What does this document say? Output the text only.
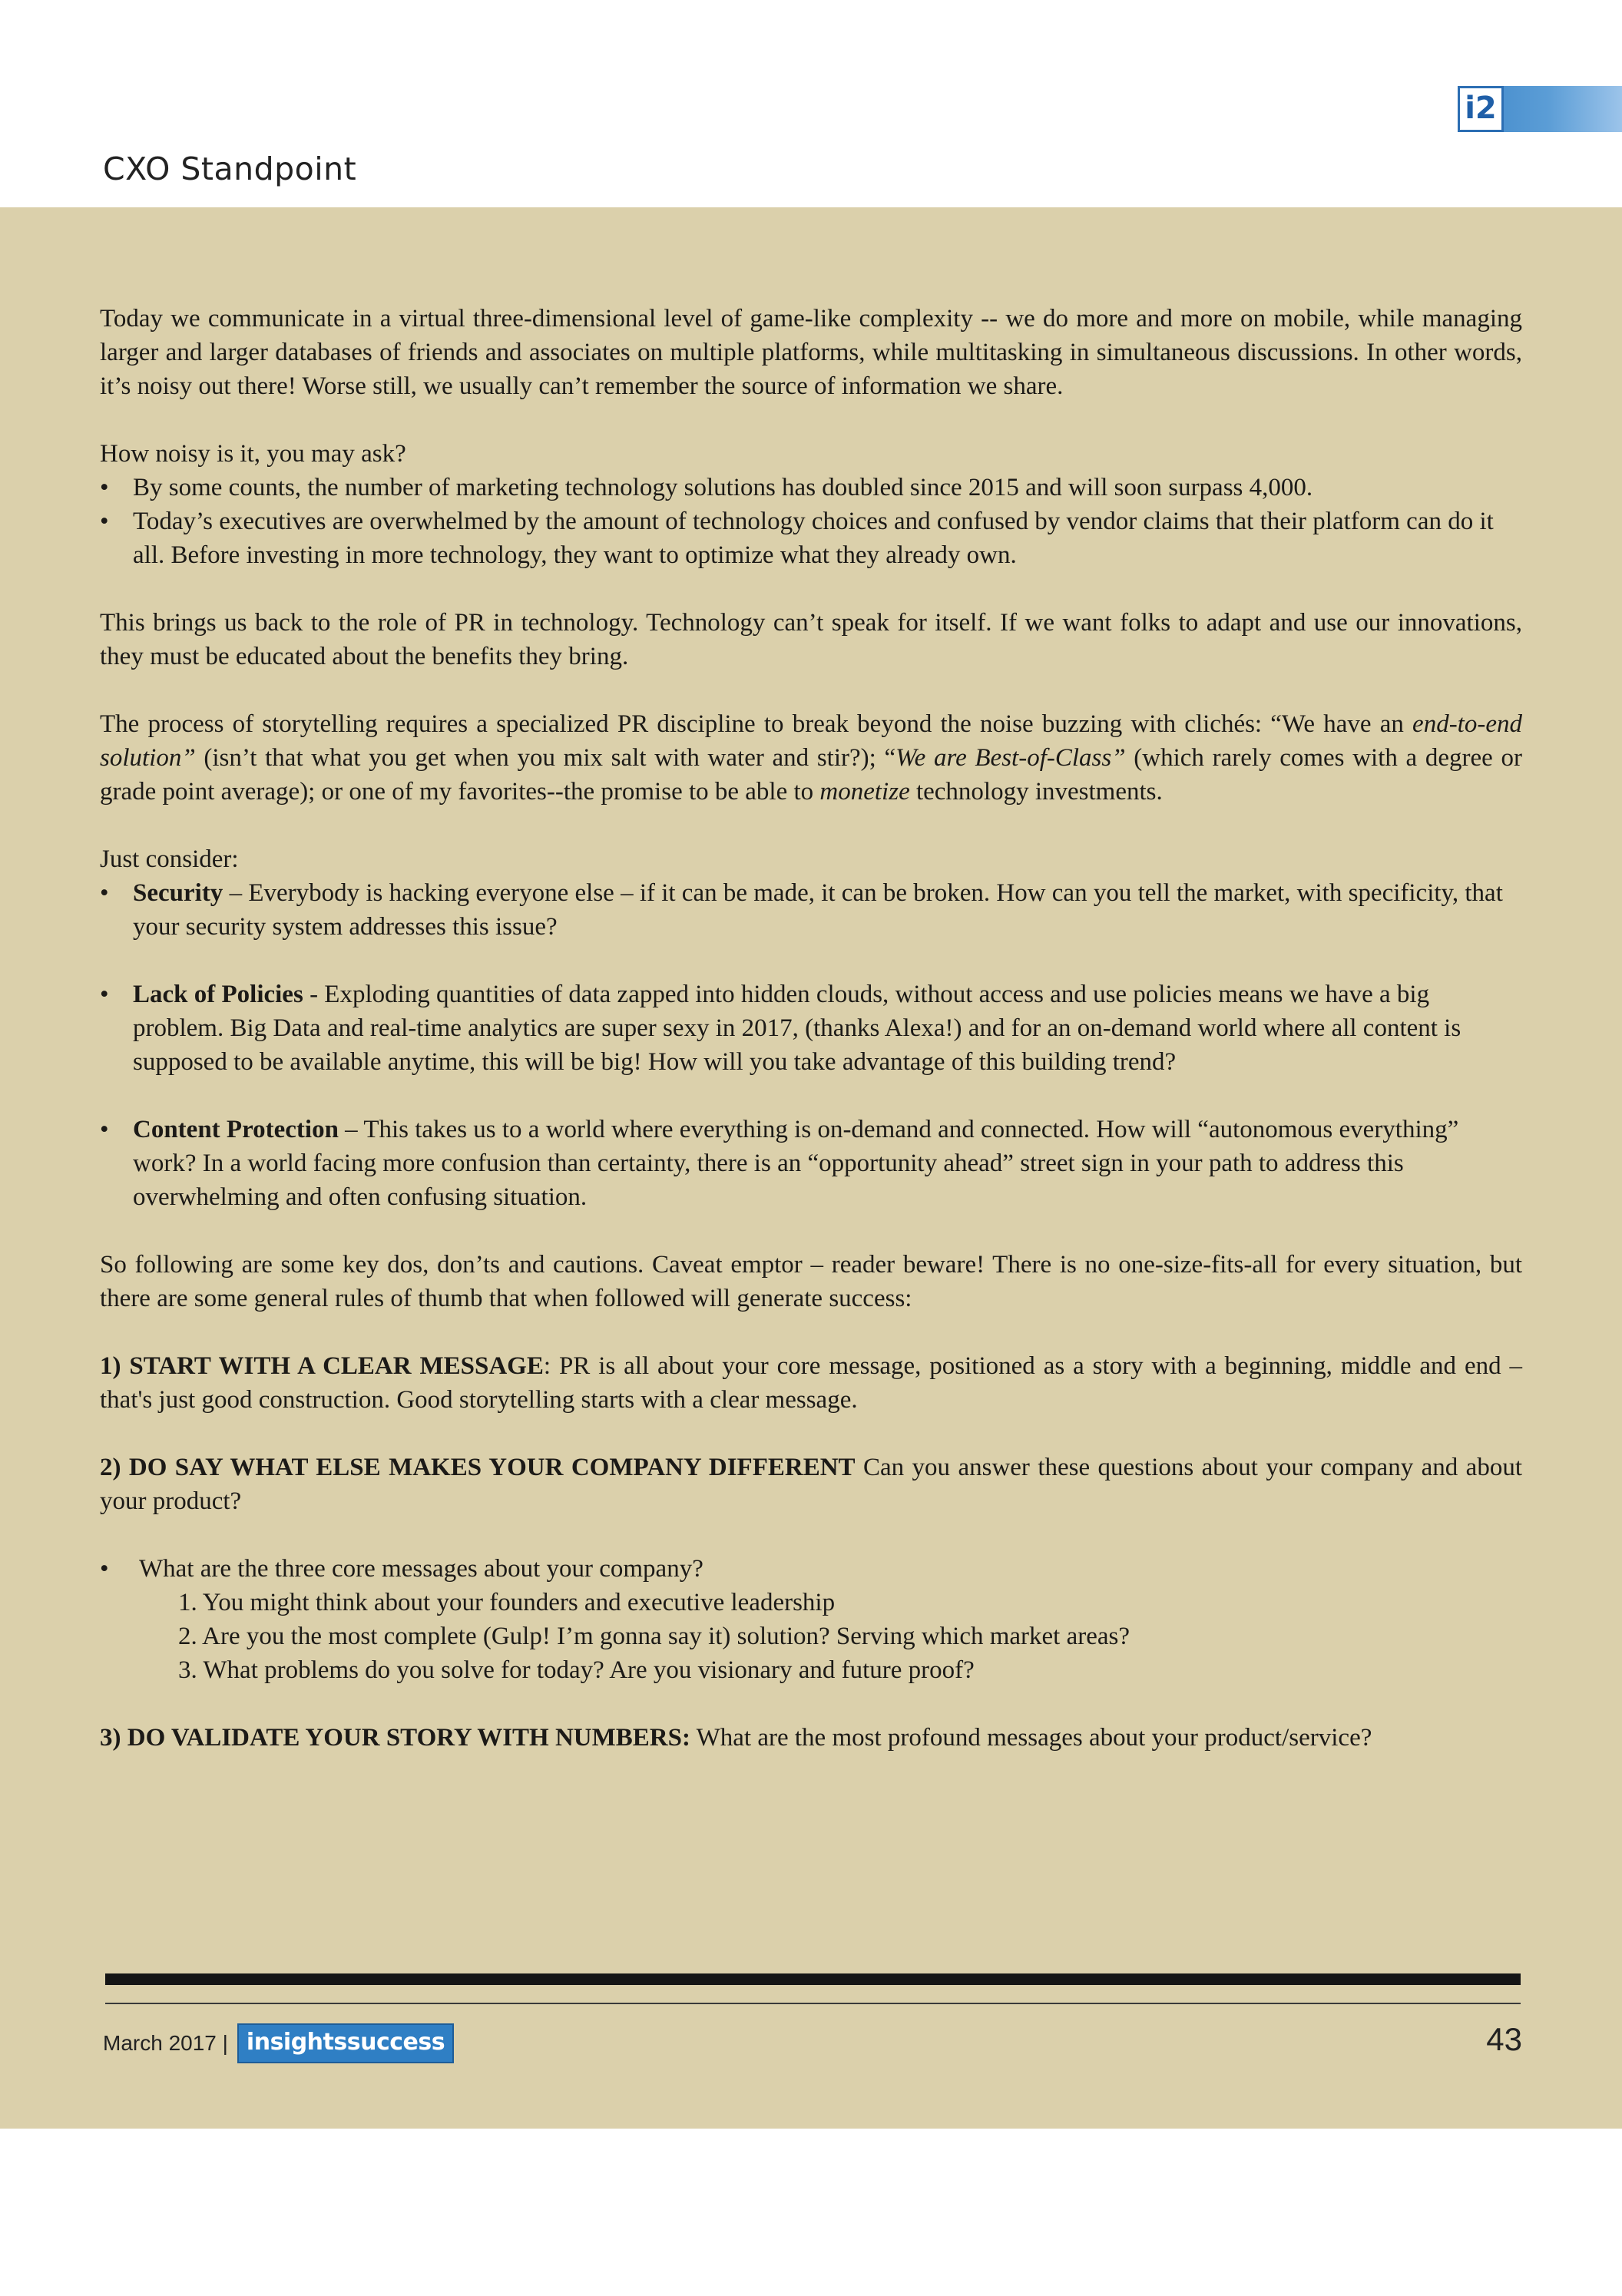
i2
CXO Standpoint

Today we communicate in a virtual three-dimensional level of game-like complexity -- we do more and more on mobile, while managing larger and larger databases of friends and associates on multiple platforms, while multitasking in simultaneous discussions. In other words, it’s noisy out there! Worse still, we usually can’t remember the source of information we share.

How noisy is it, you may ask?

• By some counts, the number of marketing technology solutions has doubled since 2015 and will soon surpass 4,000.
• Today’s executives are overwhelmed by the amount of technology choices and confused by vendor claims that their platform can do it all. Before investing in more technology, they want to optimize what they already own.

This brings us back to the role of PR in technology. Technology can’t speak for itself. If we want folks to adapt and use our innovations, they must be educated about the benefits they bring.

The process of storytelling requires a specialized PR discipline to break beyond the noise buzzing with clichés: “We have an end-to-end solution” (isn’t that what you get when you mix salt with water and stir?); “We are Best-of-Class” (which rarely comes with a degree or grade point average); or one of my favorites--the promise to be able to monetize technology investments.

Just consider:

• Security – Everybody is hacking everyone else – if it can be made, it can be broken. How can you tell the market, with specificity, that your security system addresses this issue?
• Lack of Policies - Exploding quantities of data zapped into hidden clouds, without access and use policies means we have a big problem. Big Data and real-time analytics are super sexy in 2017, (thanks Alexa!) and for an on-demand world where all content is supposed to be available anytime, this will be big! How will you take advantage of this building trend?
• Content Protection – This takes us to a world where everything is on-demand and connected. How will “autonomous everything” work? In a world facing more confusion than certainty, there is an “opportunity ahead” street sign in your path to address this overwhelming and often confusing situation.

So following are some key dos, don’ts and cautions. Caveat emptor – reader beware! There is no one-size-fits-all for every situation, but there are some general rules of thumb that when followed will generate success:

1) START WITH A CLEAR MESSAGE: PR is all about your core message, positioned as a story with a beginning, middle and end – that's just good construction. Good storytelling starts with a clear message.

2) DO SAY WHAT ELSE MAKES YOUR COMPANY DIFFERENT Can you answer these questions about your company and about your product?

• What are the three core messages about your company?
1. You might think about your founders and executive leadership
2. Are you the most complete (Gulp! I’m gonna say it) solution? Serving which market areas?
3. What problems do you solve for today? Are you visionary and future proof?

3) DO VALIDATE YOUR STORY WITH NUMBERS: What are the most profound messages about your product/service?

March 2017 | insightssuccess	43
